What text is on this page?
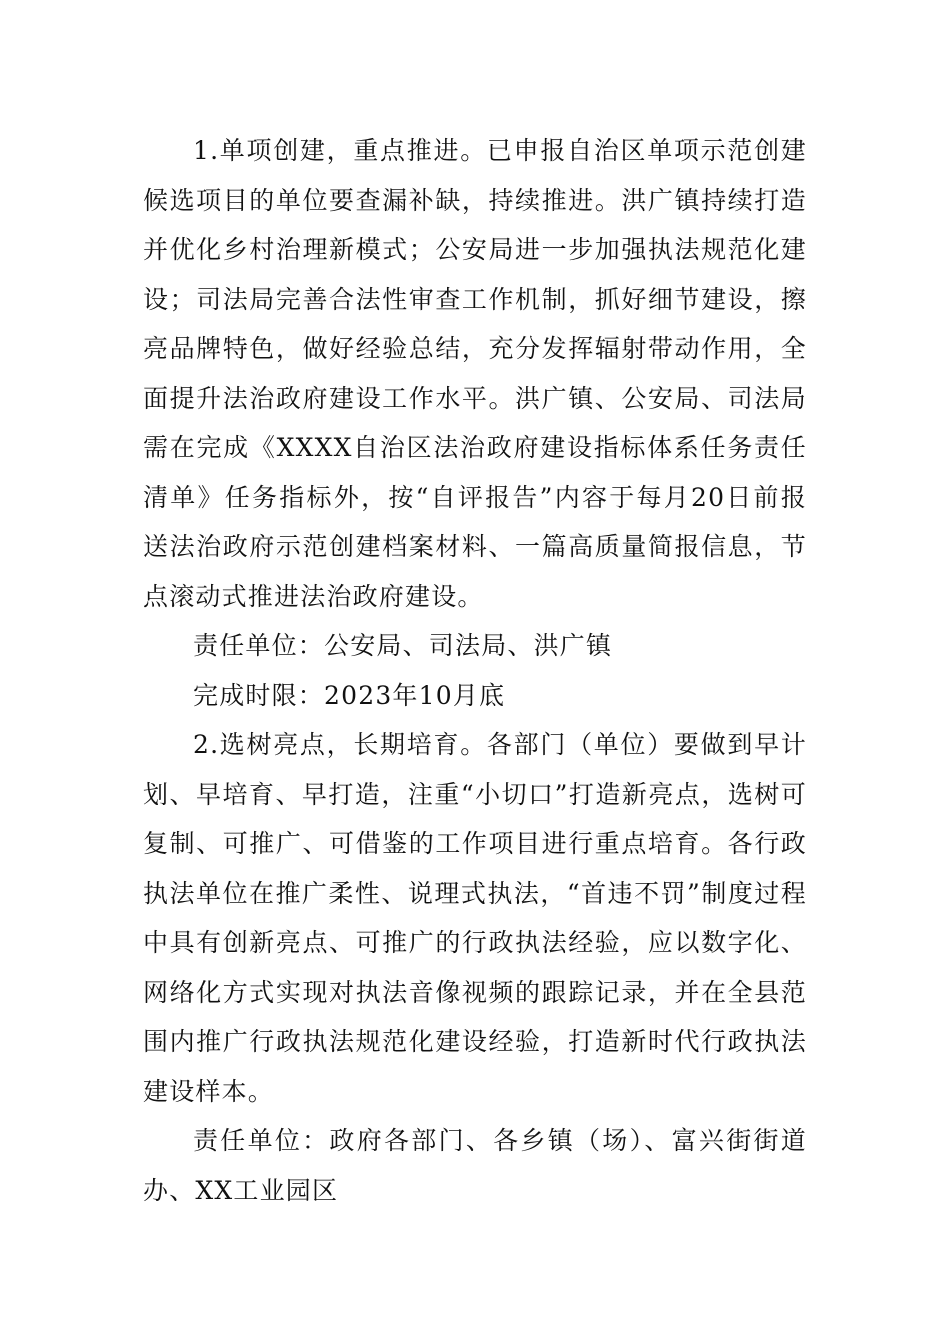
1.单项创建，重点推进。已申报自治区单项示范创建候选项目的单位要查漏补缺，持续推进。洪广镇持续打造并优化乡村治理新模式；公安局进一步加强执法规范化建设；司法局完善合法性审查工作机制，抓好细节建设，擦亮品牌特色，做好经验总结，充分发挥辐射带动作用，全面提升法治政府建设工作水平。洪广镇、公安局、司法局需在完成《XXXX自治区法治政府建设指标体系任务责任清单》任务指标外，按“自评报告”内容于每月20日前报送法治政府示范创建档案材料、一篇高质量简报信息，节点滚动式推进法治政府建设。

责任单位：公安局、司法局、洪广镇

完成时限：2023年10月底

2.选树亮点，长期培育。各部门（单位）要做到早计划、早培育、早打造，注重“小切口”打造新亮点，选树可复制、可推广、可借鉴的工作项目进行重点培育。各行政执法单位在推广柔性、说理式执法，“首违不罚”制度过程中具有创新亮点、可推广的行政执法经验，应以数字化、网络化方式实现对执法音像视频的跟踪记录，并在全县范围内推广行政执法规范化建设经验，打造新时代行政执法建设样本。

责任单位：政府各部门、各乡镇（场）、富兴街街道办、XX工业园区
